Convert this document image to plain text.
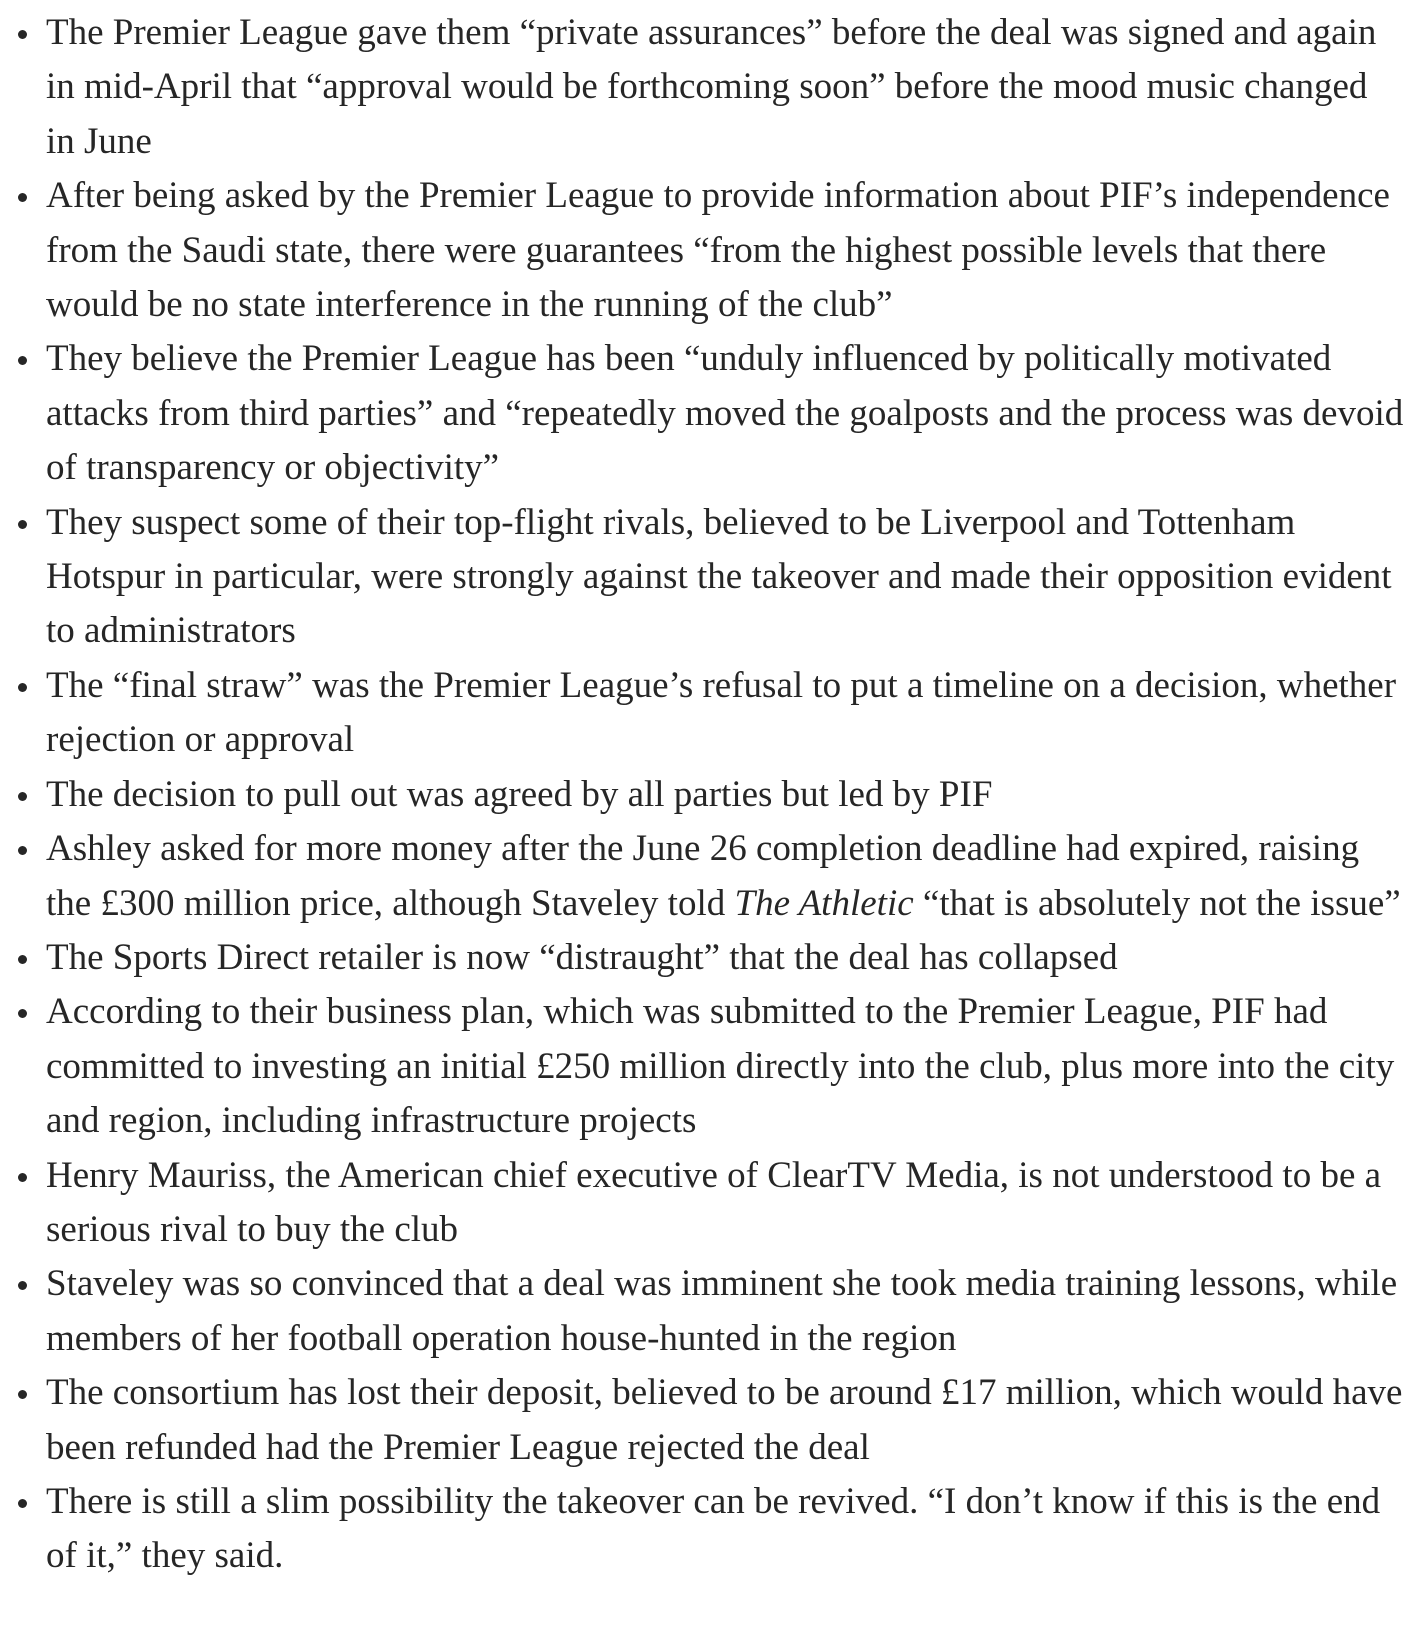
The Premier League gave them “private assurances” before the deal was signed and again in mid-April that “approval would be forthcoming soon” before the mood music changed in June
After being asked by the Premier League to provide information about PIF’s independence from the Saudi state, there were guarantees “from the highest possible levels that there would be no state interference in the running of the club”
They believe the Premier League has been “unduly influenced by politically motivated attacks from third parties” and “repeatedly moved the goalposts and the process was devoid of transparency or objectivity”
They suspect some of their top-flight rivals, believed to be Liverpool and Tottenham Hotspur in particular, were strongly against the takeover and made their opposition evident to administrators
The “final straw” was the Premier League’s refusal to put a timeline on a decision, whether rejection or approval
The decision to pull out was agreed by all parties but led by PIF
Ashley asked for more money after the June 26 completion deadline had expired, raising the £300 million price, although Staveley told The Athletic “that is absolutely not the issue”
The Sports Direct retailer is now “distraught” that the deal has collapsed
According to their business plan, which was submitted to the Premier League, PIF had committed to investing an initial £250 million directly into the club, plus more into the city and region, including infrastructure projects
Henry Mauriss, the American chief executive of ClearTV Media, is not understood to be a serious rival to buy the club
Staveley was so convinced that a deal was imminent she took media training lessons, while members of her football operation house-hunted in the region
The consortium has lost their deposit, believed to be around £17 million, which would have been refunded had the Premier League rejected the deal
There is still a slim possibility the takeover can be revived. “I don’t know if this is the end of it,” they said.
